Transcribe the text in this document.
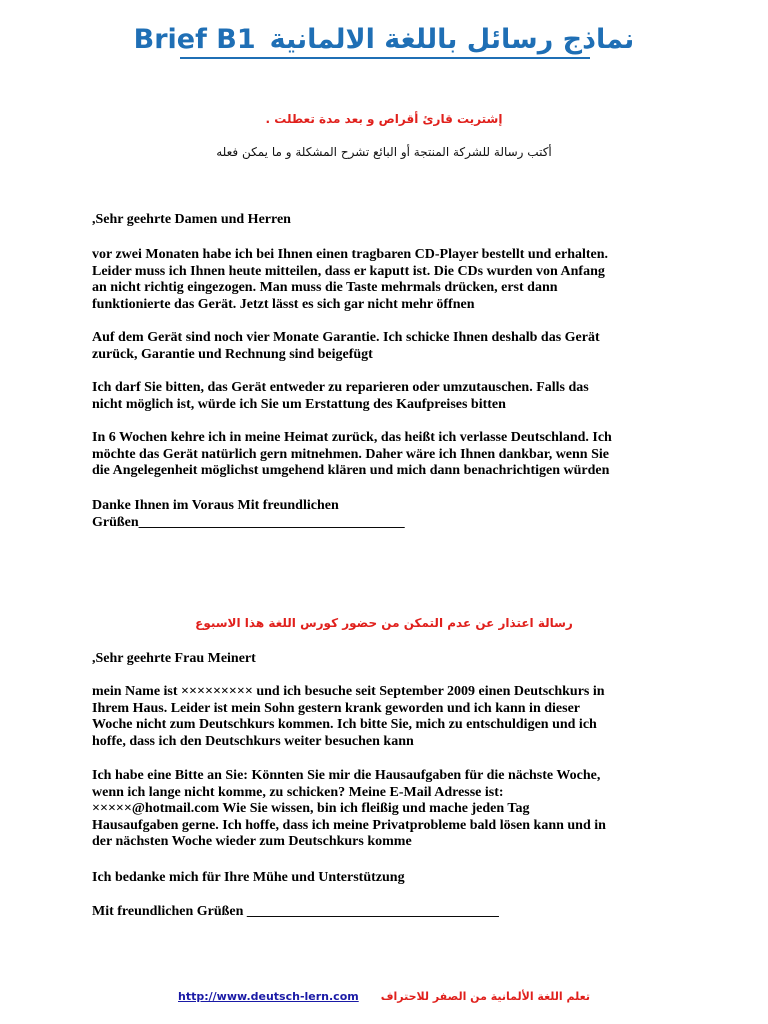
Brief B1 نماذج رسائل باللغة الالمانية
إشتريت قارئ أقراص و بعد مدة تعطلت .
أكتب رسالة للشركة المنتجة أو البائع تشرح المشكلة و ما يمكن فعله
,Sehr geehrte Damen und Herren
vor zwei Monaten habe ich bei Ihnen einen tragbaren CD-Player bestellt und erhalten.
Leider muss ich Ihnen heute mitteilen, dass er kaputt ist. Die CDs wurden von Anfang
an nicht richtig eingezogen. Man muss die Taste mehrmals drücken, erst dann
funktionierte das Gerät. Jetzt lässt es sich gar nicht mehr öffnen
Auf dem Gerät sind noch vier Monate Garantie. Ich schicke Ihnen deshalb das Gerät
zurück, Garantie und Rechnung sind beigefügt
Ich darf Sie bitten, das Gerät entweder zu reparieren oder umzutauschen. Falls das
nicht möglich ist, würde ich Sie um Erstattung des Kaufpreises bitten
In 6 Wochen kehre ich in meine Heimat zurück, das heißt ich verlasse Deutschland. Ich
möchte das Gerät natürlich gern mitnehmen. Daher wäre ich Ihnen dankbar, wenn Sie
die Angelegenheit möglichst umgehend klären und mich dann benachrichtigen würden
Danke Ihnen im Voraus Mit freundlichen
Grüßen______________________________________
رسالة اعتذار عن عدم التمكن من حضور كورس اللغة هذا الاسبوع
,Sehr geehrte Frau Meinert
mein Name ist ××××××××× und ich besuche seit September 2009 einen Deutschkurs in
Ihrem Haus. Leider ist mein Sohn gestern krank geworden und ich kann in dieser
Woche nicht zum Deutschkurs kommen. Ich bitte Sie, mich zu entschuldigen und ich
hoffe, dass ich den Deutschkurs weiter besuchen kann
Ich habe eine Bitte an Sie: Könnten Sie mir die Hausaufgaben für die nächste Woche,
wenn ich lange nicht komme, zu schicken? Meine E-Mail Adresse ist:
×××××@hotmail.com Wie Sie wissen, bin ich fleißig und mache jeden Tag
Hausaufgaben gerne. Ich hoffe, dass ich meine Privatprobleme bald lösen kann und in
der nächsten Woche wieder zum Deutschkurs komme
Ich bedanke mich für Ihre Mühe und Unterstützung
Mit freundlichen Grüßen ____________________________________
http://www.deutsch-lern.com تعلم اللغة الألمانية من الصفر للاحتراف
